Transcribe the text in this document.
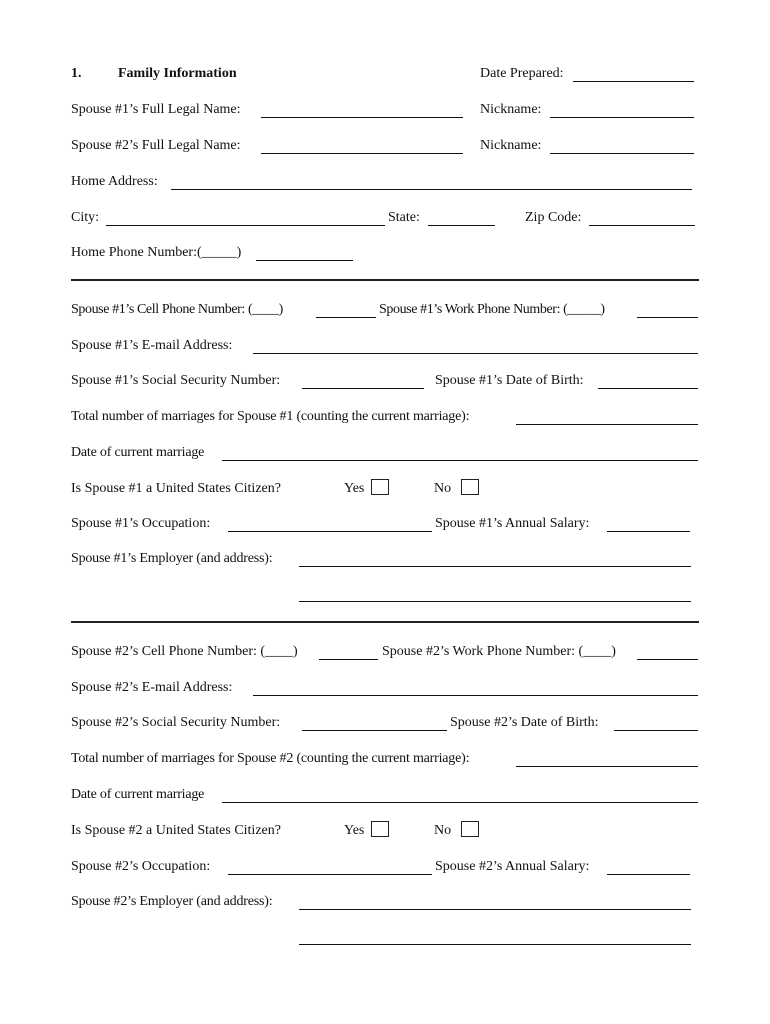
1.	Family Information	Date Prepared:
Spouse #1’s Full Legal Name:	Nickname:
Spouse #2’s Full Legal Name:	Nickname:
Home Address:
City:	State:	Zip Code:
Home Phone Number:(_____)
Spouse #1’s Cell Phone Number: (____)	Spouse #1’s Work Phone Number: (_____)
Spouse #1’s E-mail Address:
Spouse #1’s Social Security Number:	Spouse #1’s Date of Birth:
Total number of marriages for Spouse #1 (counting the current marriage):
Date of current marriage
Is Spouse #1 a United States Citizen?	Yes	No
Spouse #1’s Occupation:	Spouse #1’s Annual Salary:
Spouse #1’s Employer (and address):
Spouse #2’s Cell Phone Number: (____)	Spouse #2’s Work Phone Number: (____)
Spouse #2’s E-mail Address:
Spouse #2’s Social Security Number:	Spouse #2’s Date of Birth:
Total number of marriages for Spouse #2 (counting the current marriage):
Date of current marriage
Is Spouse #2 a United States Citizen?	Yes	No
Spouse #2’s Occupation:	Spouse #2’s Annual Salary:
Spouse #2’s Employer (and address):
